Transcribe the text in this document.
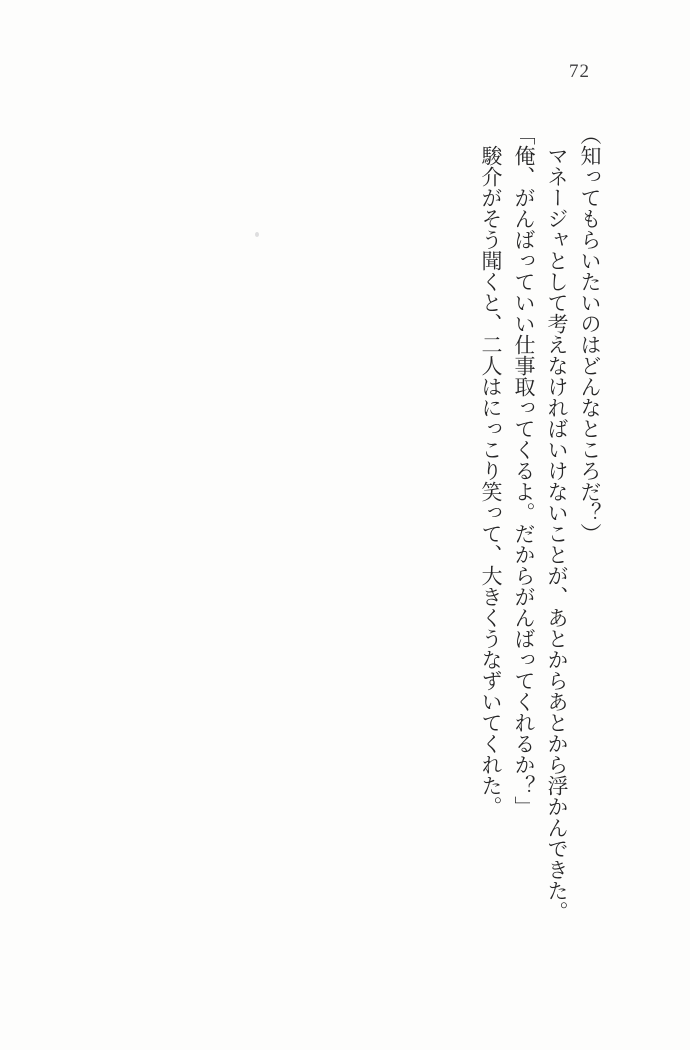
72

（知ってもらいたいのはどんなところだ？）

マネージャとして考えなければいけないことが、あとからあとから浮かんできた。

「俺、がんばっていい仕事取ってくるよ。だからがんばってくれるか？」

駿介がそう聞くと、二人はにっこり笑って、大きくうなずいてくれた。
